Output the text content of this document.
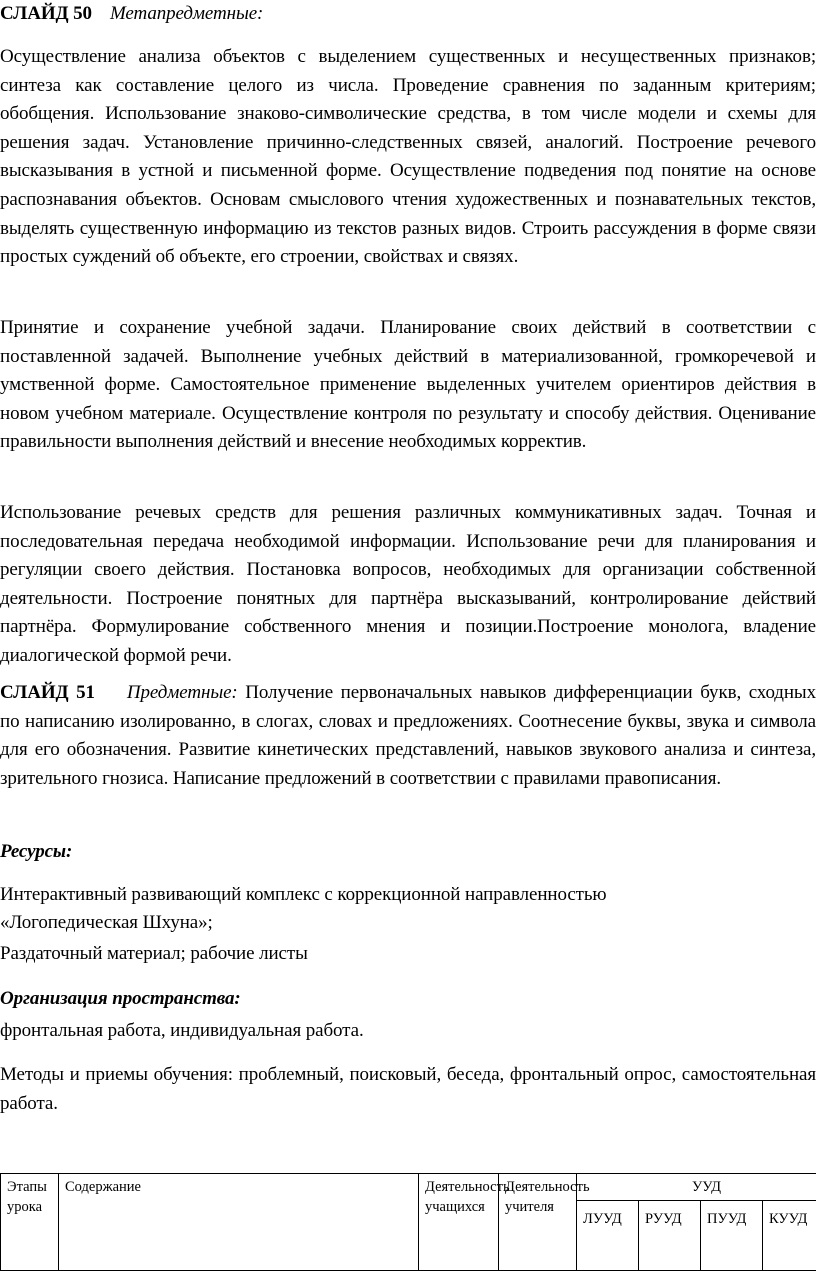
СЛАЙД 50 Метапредметные:

Осуществление анализа объектов с выделением существенных и несущественных признаков; синтеза как составление целого из числа. Проведение сравнения по заданным критериям; обобщения. Использование знаково-символические средства, в том числе модели и схемы для решения задач. Установление причинно-следственных связей, аналогий. Построение речевого высказывания в устной и письменной форме. Осуществление подведения под понятие на основе распознавания объектов. Основам смыслового чтения художественных и познавательных текстов, выделять существенную информацию из текстов разных видов. Строить рассуждения в форме связи простых суждений об объекте, его строении, свойствах и связях.

Принятие и сохранение учебной задачи. Планирование своих действий в соответствии с поставленной задачей. Выполнение учебных действий в материализованной, громкоречевой и умственной форме. Самостоятельное применение выделенных учителем ориентиров действия в новом учебном материале. Осуществление контроля по результату и способу действия. Оценивание правильности выполнения действий и внесение необходимых корректив.

Использование речевых средств для решения различных коммуникативных задач. Точная и последовательная передача необходимой информации. Использование речи для планирования и регуляции своего действия. Постановка вопросов, необходимых для организации собственной деятельности. Построение понятных для партнёра высказываний, контролирование действий партнёра. Формулирование собственного мнения и позиции.Построение монолога, владение диалогической формой речи.

СЛАЙД 51 Предметные: Получение первоначальных навыков дифференциации букв, сходных по написанию изолированно, в слогах, словах и предложениях. Соотнесение буквы, звука и символа для его обозначения. Развитие кинетических представлений, навыков звукового анализа и синтеза, зрительного гнозиса. Написание предложений в соответствии с правилами правописания.

Ресурсы:

Интерактивный развивающий комплекс с коррекционной направленностью

«Логопедическая Шхуна»;

Раздаточный материал; рабочие листы

Организация пространства:

фронтальная работа, индивидуальная работа.

Методы и приемы обучения: проблемный, поисковый, беседа, фронтальный опрос, самостоятельная работа.

Этапы урока	Содержание	Деятельность учащихся	Деятельность учителя	УУД			
				ЛУУД	РУУД	ПУУД	КУУД
